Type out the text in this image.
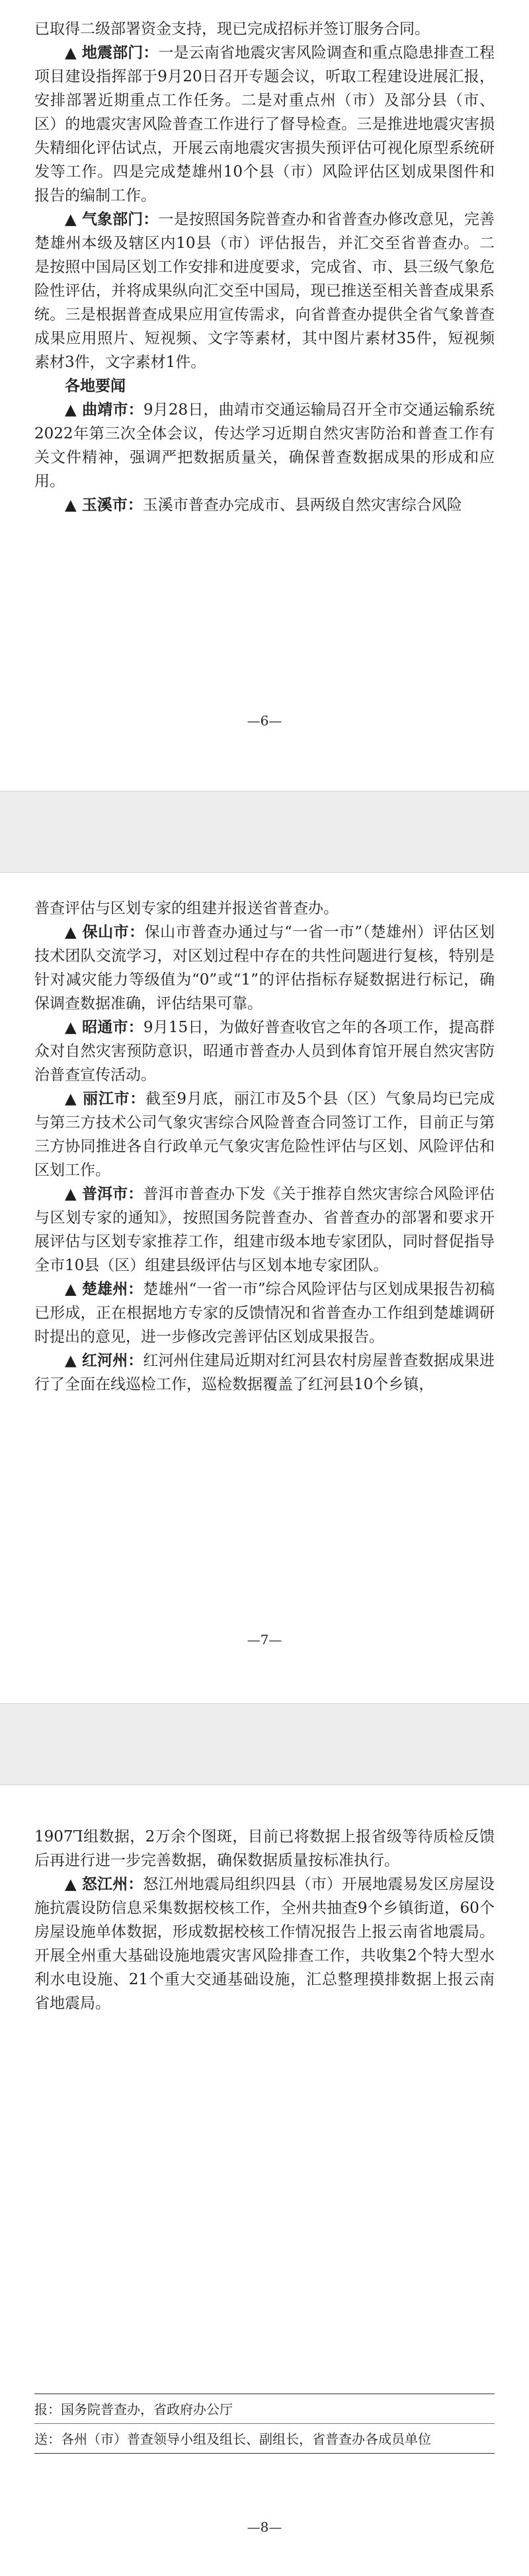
已取得二级部署资金支持，现已完成招标并签订服务合同。

▲ 地震部门：一是云南省地震灾害风险调查和重点隐患排查工程项目建设指挥部于9月20日召开专题会议，听取工程建设进展汇报，安排部署近期重点工作任务。二是对重点州（市）及部分县（市、区）的地震灾害风险普查工作进行了督导检查。三是推进地震灾害损失精细化评估试点，开展云南地震灾害损失预评估可视化原型系统研发等工作。四是完成楚雄州10个县（市）风险评估区划成果图件和报告的编制工作。

▲ 气象部门：一是按照国务院普查办和省普查办修改意见，完善楚雄州本级及辖区内10县（市）评估报告，并汇交至省普查办。二是按照中国局区划工作安排和进度要求，完成省、市、县三级气象危险性评估，并将成果纵向汇交至中国局，现已推送至相关普查成果系统。三是根据普查成果应用宣传需求，向省普查办提供全省气象普查成果应用照片、短视频、文字等素材，其中图片素材35件，短视频素材3件，文字素材1件。

各地要闻

▲ 曲靖市：9月28日，曲靖市交通运输局召开全市交通运输系统2022年第三次全体会议，传达学习近期自然灾害防治和普查工作有关文件精神，强调严把数据质量关，确保普查数据成果的形成和应用。

▲ 玉溪市：玉溪市普查办完成市、县两级自然灾害综合风险

—6—

普查评估与区划专家的组建并报送省普查办。

▲ 保山市：保山市普查办通过与“一省一市”（楚雄州）评估区划技术团队交流学习，对区划过程中存在的共性问题进行复核，特别是针对减灾能力等级值为“0”或“1”的评估指标存疑数据进行标记，确保调查数据准确，评估结果可靠。

▲ 昭通市：9月15日，为做好普查收官之年的各项工作，提高群众对自然灾害预防意识，昭通市普查办人员到体育馆开展自然灾害防治普查宣传活动。

▲ 丽江市：截至9月底，丽江市及5个县（区）气象局均已完成与第三方技术公司气象灾害综合风险普查合同签订工作，目前正与第三方协同推进各自行政单元气象灾害危险性评估与区划、风险评估和区划工作。

▲ 普洱市：普洱市普查办下发《关于推荐自然灾害综合风险评估与区划专家的通知》，按照国务院普查办、省普查办的部署和要求开展评估与区划专家推荐工作，组建市级本地专家团队，同时督促指导全市10县（区）组建县级评估与区划本地专家团队。

▲ 楚雄州：楚雄州“一省一市”综合风险评估与区划成果报告初稿已形成，正在根据地方专家的反馈情况和省普查办工作组到楚雄调研时提出的意见，进一步修改完善评估区划成果报告。

▲ 红河州：红河州住建局近期对红河县农村房屋普查数据成果进行了全面在线巡检工作，巡检数据覆盖了红河县10个乡镇，

—7—

1907Ꞁ组数据，2万余个图斑，目前已将数据上报省级等待质检反馈后再进行进一步完善数据，确保数据质量按标准执行。

▲ 怒江州：怒江州地震局组织四县（市）开展地震易发区房屋设施抗震设防信息采集数据校核工作，全州共抽查9个乡镇街道，60个房屋设施单体数据，形成数据校核工作情况报告上报云南省地震局。开展全州重大基础设施地震灾害风险排查工作，共收集2个特大型水利水电设施、21个重大交通基础设施，汇总整理摸排数据上报云南省地震局。

报：国务院普查办，省政府办公厅

送：各州（市）普查领导小组及组长、副组长，省普查办各成员单位

—8—
